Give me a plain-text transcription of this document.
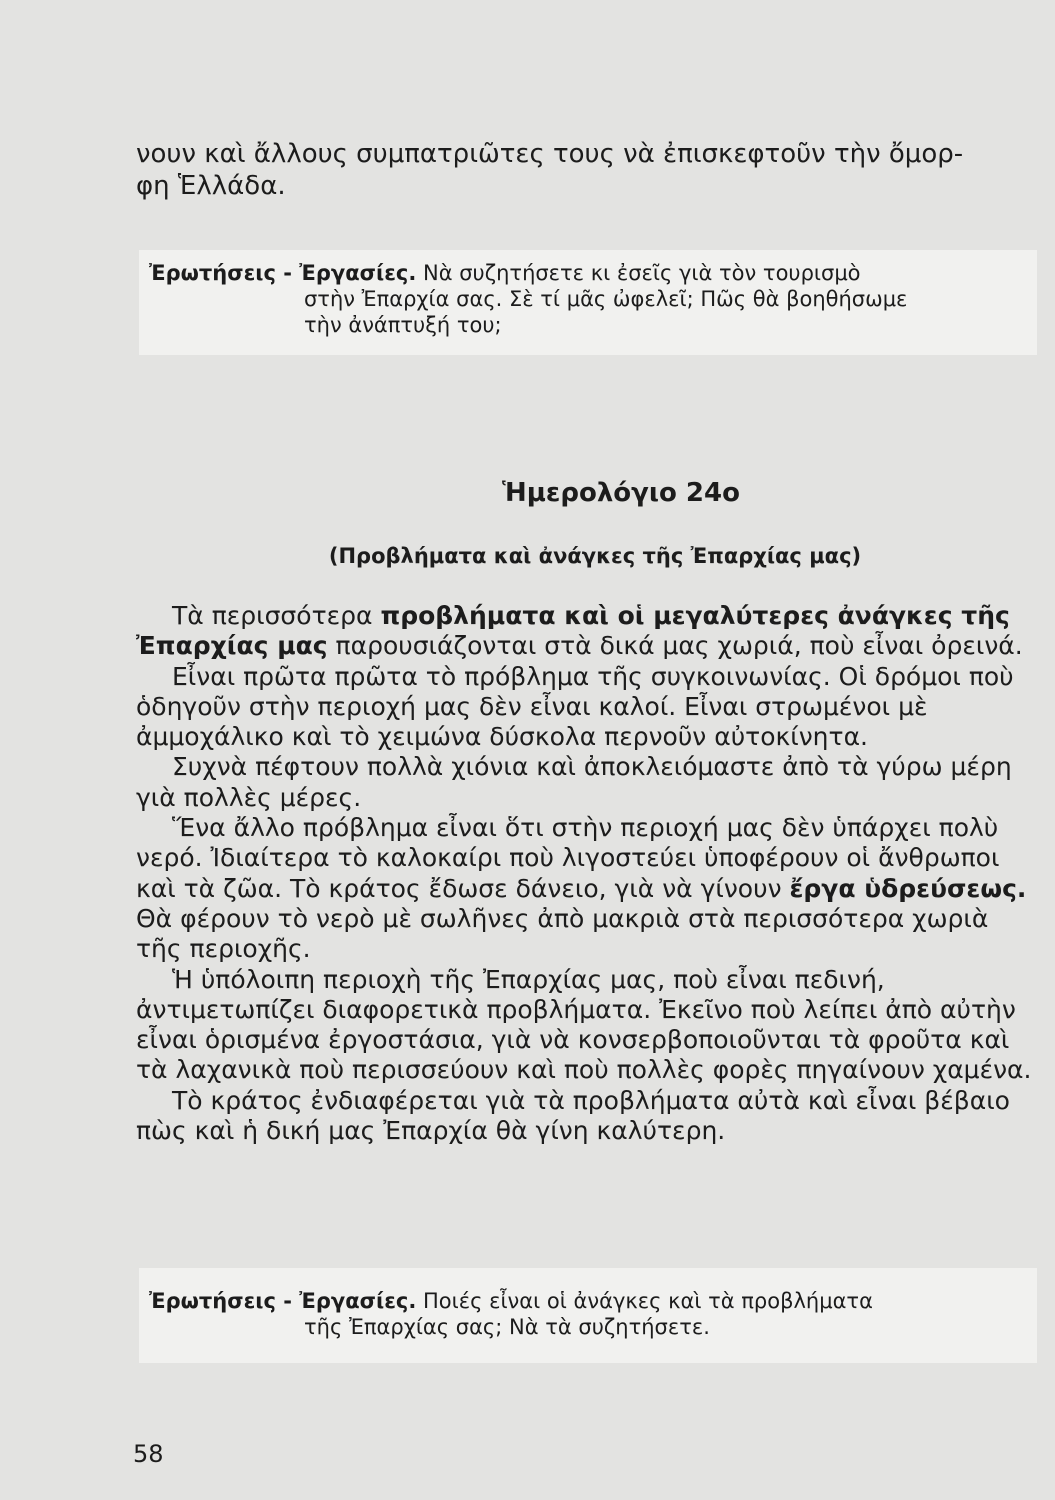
νουν καὶ ἄλλους συμπατριῶτες τους νὰ ἐπισκεφτοῦν τὴν ὄμορ-
φη Ἑλλάδα.

Ἐρωτήσεις - Ἐργασίες. Νὰ συζητήσετε κι ἐσεῖς γιὰ τὸν τουρισμὸ
στὴν Ἐπαρχία σας. Σὲ τί μᾶς ὠφελεῖ; Πῶς θὰ βοηθήσωμε
τὴν ἀνάπτυξή του;

Ἡμερολόγιο 24ο
(Προβλήματα καὶ ἀνάγκες τῆς Ἐπαρχίας μας)

Τὰ περισσότερα προβλήματα καὶ οἱ μεγαλύτερες ἀνάγκες τῆς Ἐπαρχίας μας παρουσιάζονται στὰ δικά μας χωριά, ποὺ εἶναι ὀρεινά.

Εἶναι πρῶτα πρῶτα τὸ πρόβλημα τῆς συγκοινωνίας. Οἱ δρόμοι ποὺ ὁδηγοῦν στὴν περιοχή μας δὲν εἶναι καλοί. Εἶναι στρωμένοι μὲ ἀμμοχάλικο καὶ τὸ χειμώνα δύσκολα περνοῦν αὐτοκίνητα.

Συχνὰ πέφτουν πολλὰ χιόνια καὶ ἀποκλειόμαστε ἀπὸ τὰ γύρω μέρη γιὰ πολλὲς μέρες.

Ἕνα ἄλλο πρόβλημα εἶναι ὅτι στὴν περιοχή μας δὲν ὑπάρχει πολὺ νερό. Ἰδιαίτερα τὸ καλοκαίρι ποὺ λιγοστεύει ὑποφέρουν οἱ ἄνθρωποι καὶ τὰ ζῶα. Τὸ κράτος ἔδωσε δάνειο, γιὰ νὰ γίνουν ἔργα ὑδρεύσεως. Θὰ φέρουν τὸ νερὸ μὲ σωλῆνες ἀπὸ μακριὰ στὰ περισσότερα χωριὰ τῆς περιοχῆς.

Ἡ ὑπόλοιπη περιοχὴ τῆς Ἐπαρχίας μας, ποὺ εἶναι πεδινή, ἀντιμετωπίζει διαφορετικὰ προβλήματα. Ἐκεῖνο ποὺ λείπει ἀπὸ αὐτὴν εἶναι ὁρισμένα ἐργοστάσια, γιὰ νὰ κονσερβοποιοῦνται τὰ φροῦτα καὶ τὰ λαχανικὰ ποὺ περισσεύουν καὶ ποὺ πολλὲς φορὲς πηγαίνουν χαμένα.

Τὸ κράτος ἐνδιαφέρεται γιὰ τὰ προβλήματα αὐτὰ καὶ εἶναι βέβαιο πὼς καὶ ἡ δική μας Ἐπαρχία θὰ γίνη καλύτερη.

Ἐρωτήσεις - Ἐργασίες. Ποιές εἶναι οἱ ἀνάγκες καὶ τὰ προβλήματα
τῆς Ἐπαρχίας σας; Νὰ τὰ συζητήσετε.

58
